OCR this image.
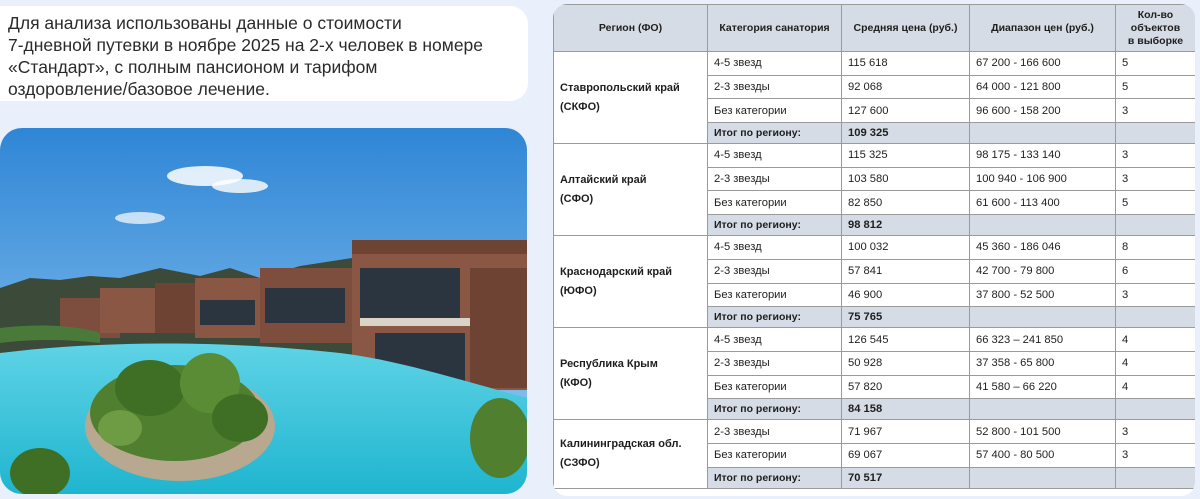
Для анализа использованы данные о стоимости
7-дневной путевки в ноябре 2025 на 2-х человек в номере
«Стандарт», с полным пансионом и тарифом
оздоровление/базовое лечение.
Регион (ФО)	Категория санатория	Средняя цена (руб.)	Диапазон цен (руб.)	Кол-во
объектов
в выборке
Ставропольский край
(СКФО)	4-5 звезд	115 618	67 200 - 166 600	5
	2-3 звезды	92 068	64 000 - 121 800	5
	Без категории	127 600	96 600 - 158 200	3
	Итог по региону:	109 325		
Алтайский край
(СФО)	4-5 звезд	115 325	98 175 - 133 140	3
	2-3 звезды	103 580	100 940 - 106 900	3
	Без категории	82 850	61 600 - 113 400	5
	Итог по региону:	98 812		
Краснодарский край
(ЮФО)	4-5 звезд	100 032	45 360 - 186 046	8
	2-3 звезды	57 841	42 700 - 79 800	6
	Без категории	46 900	37 800 - 52 500	3
	Итог по региону:	75 765		
Республика Крым
(КФО)	4-5 звезд	126 545	66 323 – 241 850	4
	2-3 звезды	50 928	37 358 - 65 800	4
	Без категории	57 820	41 580 – 66 220	4
	Итог по региону:	84 158		
Калининградская обл.
(СЗФО)	2-3 звезды	71 967	52 800 - 101 500	3
	Без категории	69 067	57 400 - 80 500	3
	Итог по региону:	70 517		
